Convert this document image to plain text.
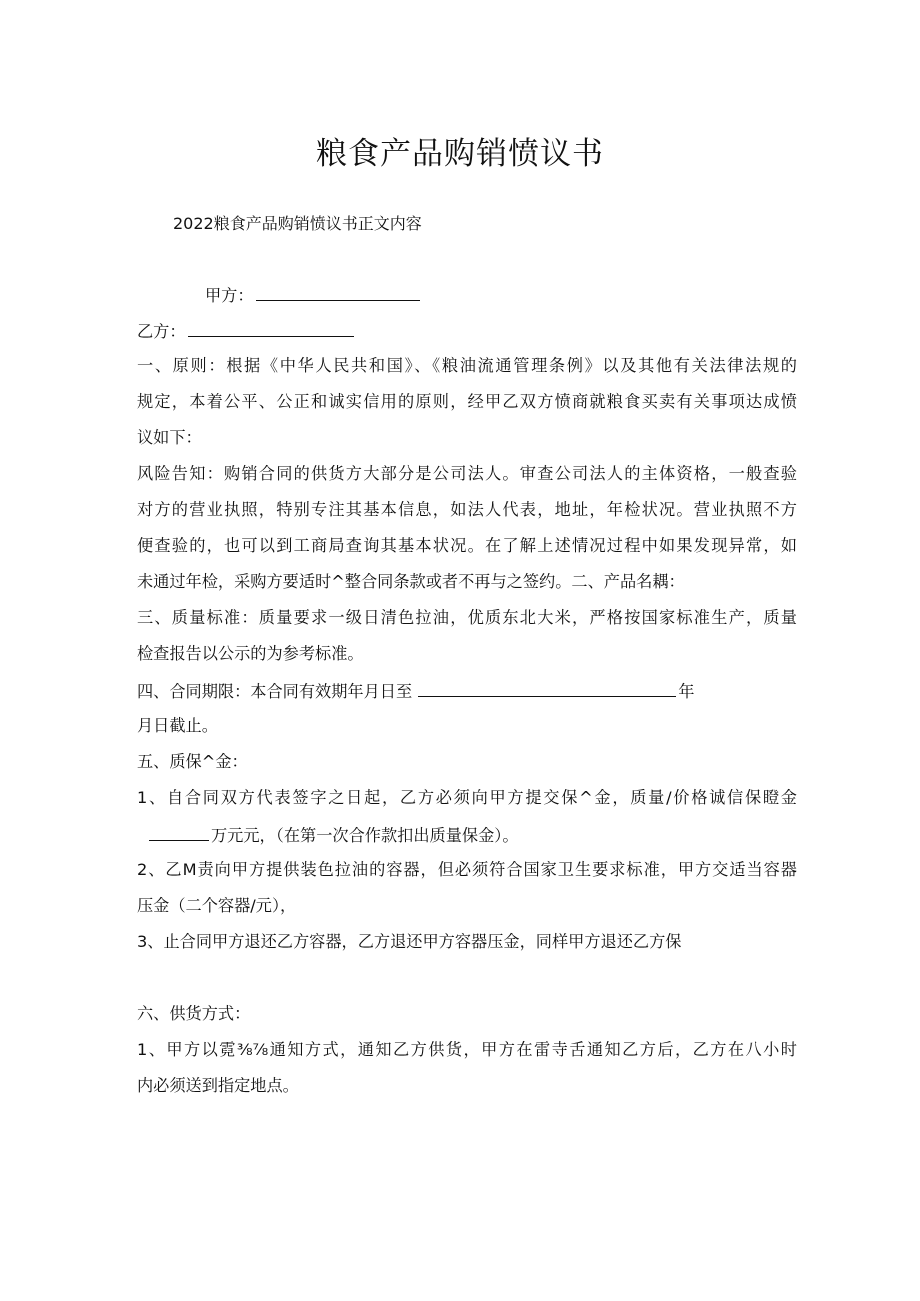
粮食产品购销愤议书
2022粮食产品购销愤议书正文内容
甲方：
乙方：
一、原则：根据《中华人民共和国》、《粮油流通管理条例》以及其他有关法律法规的
规定，本着公平、公正和诚实信用的原则，经甲乙双方愤商就粮食买卖有关事项达成愤
议如下：
风险告知：购销合同的供货方大部分是公司法人。审查公司法人的主体资格，一般查验
对方的营业执照，特别专注其基本信息，如法人代表，地址，年检状况。营业执照不方
便查验的，也可以到工商局查询其基本状况。在了解上述情况过程中如果发现异常，如
未通过年检，采购方要适时^整合同条款或者不再与之签约。二、产品名耦：
三、质量标准：质量要求一级日清色拉油，优质东北大米，严格按国家标准生产，质量
检查报告以公示的为参考标准。
四、合同期限：本合同有效期年月日至	年
月日截止。
五、质保^金：
1、自合同双方代表签字之日起，乙方必须向甲方提交保^金，质量/价格诚信保瞪金
万元元，（在第一次合作款扣出质量保金）。
2、乙M责向甲方提供装色拉油的容器，但必须符合国家卫生要求标准，甲方交适当容器
压金（二个容器/元），
3、止合同甲方退还乙方容器，乙方退还甲方容器压金，同样甲方退还乙方保
六、供货方式：
1、甲方以霓⅜⅞通知方式，通知乙方供货，甲方在雷寺舌通知乙方后，乙方在八小时
内必须送到指定地点。
